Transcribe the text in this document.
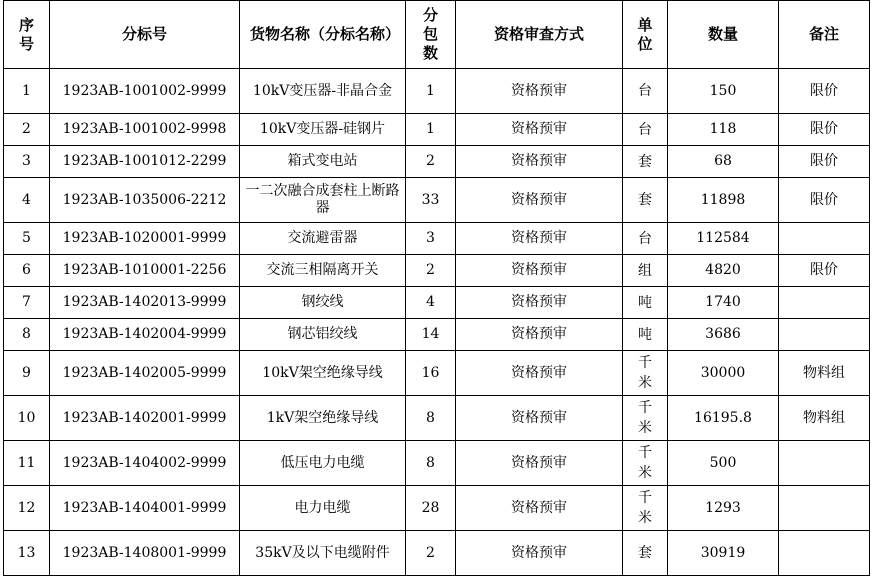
序号	分标号	货物名称（分标名称）	分包数	资格审查方式	单位	数量	备注
1	1923AB-1001002-9999	10kV变压器-非晶合金	1	资格预审	台	150	限价
2	1923AB-1001002-9998	10kV变压器-硅钢片	1	资格预审	台	118	限价
3	1923AB-1001012-2299	箱式变电站	2	资格预审	套	68	限价
4	1923AB-1035006-2212	一二次融合成套柱上断路器	33	资格预审	套	11898	限价
5	1923AB-1020001-9999	交流避雷器	3	资格预审	台	112584	
6	1923AB-1010001-2256	交流三相隔离开关	2	资格预审	组	4820	限价
7	1923AB-1402013-9999	钢绞线	4	资格预审	吨	1740	
8	1923AB-1402004-9999	钢芯铝绞线	14	资格预审	吨	3686	
9	1923AB-1402005-9999	10kV架空绝缘导线	16	资格预审	千米	30000	物料组
10	1923AB-1402001-9999	1kV架空绝缘导线	8	资格预审	千米	16195.8	物料组
11	1923AB-1404002-9999	低压电力电缆	8	资格预审	千米	500	
12	1923AB-1404001-9999	电力电缆	28	资格预审	千米	1293	
13	1923AB-1408001-9999	35kV及以下电缆附件	2	资格预审	套	30919	
